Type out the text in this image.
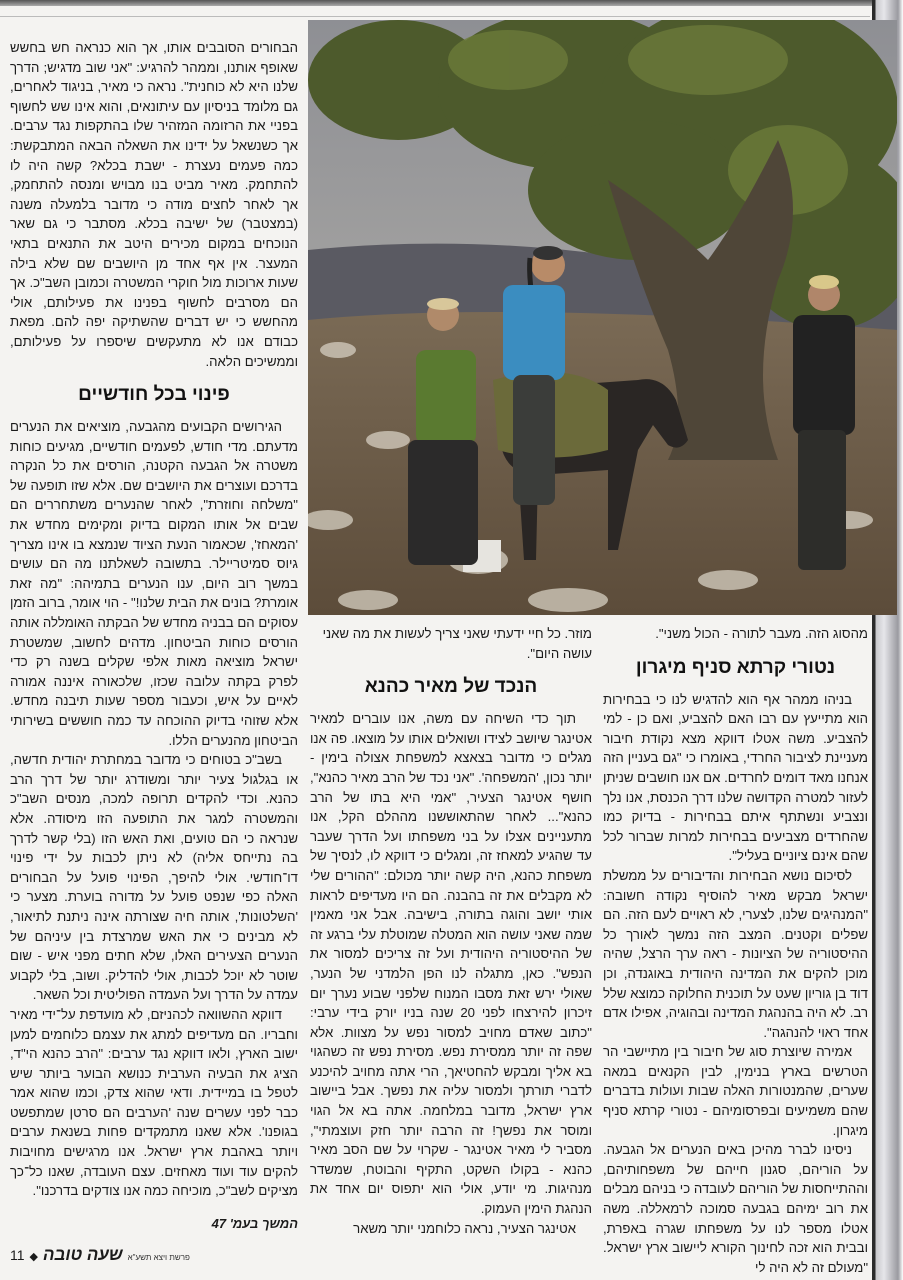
הבחורים הסובבים אותו, אך הוא כנראה חש בחשש שאופף אותנו, וממהר להרגיע: "אני שוב מדגיש; הדרך שלנו היא לא כוחנית". נראה כי מאיר, בניגוד לאחרים, גם מלומד בניסיון עם עיתונאים, והוא אינו שש לחשוף בפניי את הרזומה המזהיר שלו בהתקפות נגד ערבים. אך כשנשאל על ידינו את השאלה הבאה המתבקשת: כמה פעמים נעצרת - ישבת בכלא? קשה היה לו להתחמק. מאיר מביט בנו מבויש ומנסה להתחמק, אך לאחר לחצים מודה כי מדובר בלמעלה משנה (במצטבר) של ישיבה בכלא. מסתבר כי גם שאר הנוכחים במקום מכירים היטב את התנאים בתאי המעצר. אין אף אחד מן היושבים שם שלא בילה שעות ארוכות מול חוקרי המשטרה וכמובן השב"כ. אך הם מסרבים לחשוף בפנינו את פעילותם, אולי מהחשש כי יש דברים שהשתיקה יפה להם. מפאת כבודם אנו לא מתעקשים שיספרו על פעילותם, וממשיכים הלאה.

פינוי בכל חודשיים

הגירושים הקבועים מהגבעה, מוציאים את הנערים מדעתם. מדי חודש, לפעמים חודשיים, מגיעים כוחות משטרה אל הגבעה הקטנה, הורסים את כל הנקרה בדרכם ועוצרים את היושבים שם. אלא שזו תופעה של "משלחה וחוזרת", לאחר שהנערים משתחררים הם שבים אל אותו המקום בדיוק ומקימים מחדש את 'המאחז', שכאמור הנעת הציוד שנמצא בו אינו מצריך גיוס סמיטריילר. בתשובה לשאלתנו מה הם עושים במשך רוב היום, ענו הנערים בתמיהה: "מה זאת אומרת? בונים את הבית שלנו!" - הוי אומר, ברוב הזמן עסוקים הם בבניה מחדש של הבקתה האומללה אותה הורסים כוחות הביטחון. מדהים לחשוב, שמשטרת ישראל מוציאה מאות אלפי שקלים בשנה רק כדי לפרק בקתה עלובה שכזו, שלכאורה איננה אמורה לאיים על איש, וכעבור מספר שעות תיבנה מחדש. אלא שזוהי בדיוק ההוכחה עד כמה חוששים בשירותי הביטחון מהנערים הללו.

בשב"כ בטוחים כי מדובר במחתרת יהודית חדשה, או בגלגול צעיר יותר ומשודרג יותר של דרך הרב כהנא. וכדי להקדים תרופה למכה, מנסים השב"כ והמשטרה למגר את התופעה הזו מיסודה. אלא שנראה כי הם טועים, ואת האש הזו (בלי קשר לדרך בה נתייחס אליה) לא ניתן לכבות על ידי פינוי דו־חודשי. אולי להיפך, הפינוי פועל על הבחורים האלה כפי שנפט פועל על מדורה בוערת. מצער כי 'השלטונות', אותה חיה שצורתה אינה ניתנת לתיאור, לא מבינים כי את האש שמרצדת בין עיניהם של הנערים הצעירים האלו, שלא חתים מפני איש - שום שוטר לא יוכל לכבות, אולי להדליק. ושוב, בלי לקבוע עמדה על הדרך ועל העמדה הפוליטית וכל השאר.

דווקא ההשוואה לכהניזם, לא מועדפת על־ידי מאיר וחבריו. הם מעדיפים למתג את עצמם כלוחמים למען ישוב הארץ, ולאו דווקא נגד ערבים: "הרב כהנא הי"ד, הציג את הבעיה הערבית כנושא הבוער ביותר שיש לטפל בו במיידית. ודאי שהוא צדק, וכמו שהוא אמר כבר לפני עשרים שנה 'הערבים הם סרטן שמתפשט בגופנו'. אלא שאנו מתמקדים פחות בשנאת ערבים ויותר באהבת ארץ ישראל. אנו מרגישים מחויבות להקים עוד ועוד מאחזים. עצם העובדה, שאנו כל־כך מציקים לשב"כ, מוכיחה כמה אנו צודקים בדרכנו".

המשך בעמ' 47
11 ◆ שעה טובה פרשת ויצא תשע"א
מוזר. כל חיי ידעתי שאני צריך לעשות את מה שאני עושה היום".
הנכד של מאיר כהנא

תוך כדי השיחה עם משה, אנו עוברים למאיר אטינגר שיושב לצידו ושואלים אותו על מוצאו. פה אנו מגלים כי מדובר בצאצא למשפחת אצולה בימין - יותר נכון, 'המשפחה'. "אני נכד של הרב מאיר כהנא", חושף אטינגר הצעיר, "אמי היא בתו של הרב כהנא"... לאחר שהתאוששנו מההלם הקל, אנו מתעניינים אצלו על בני משפחתו ועל הדרך שעבר עד שהגיע למאחז זה, ומגלים כי דווקא לו, לנסיך של משפחת כהנא, היה קשה יותר מכולם: "ההורים שלי לא מקבלים את זה בהבנה. הם היו מעדיפים לראות אותי יושב והוגה בתורה, בישיבה. אבל אני מאמין שמה שאני עושה הוא המטלה שמוטלת עלי ברגע זה של ההיסטוריה היהודית ועל זה צריכים למסור את הנפש". כאן, מתגלה לנו הפן הלמדני של הנער, שאולי ירש זאת מסבו המנוח שלפני שבוע נערך יום זיכרון להירצחו לפני 20 שנה בניו יורק בידי ערבי: "כתוב שאדם מחויב למסור נפש על מצוות. אלא שפה זה יותר ממסירת נפש. מסירת נפש זה כשהגוי בא אליך ומבקש להחטיאך, הרי אתה מחויב להיכנע לדברי תורתך ולמסור עליה את נפשך. אבל ביישוב ארץ ישראל, מדובר במלחמה. אתה בא אל הגוי ומוסר את נפשך! זה הרבה יותר חזק ועוצמתי", מסביר לי מאיר אטינגר - שקרוי על שם הסב מאיר כהנא - בקולו השקט, התקיף והבוטח, שמשדר מנהיגות. מי יודע, אולי הוא יתפוס יום אחד את הנהגת הימין העמוק.

אטינגר הצעיר, נראה כלוחמני יותר משאר

מהסוג הזה. מעבר לתורה - הכול משני".
נטורי קרתא סניף מיגרון

בניהו ממהר אף הוא להדגיש לנו כי בבחירות הוא מתייעץ עם רבו האם להצביע, ואם כן - למי להצביע. משה אטלו דווקא מצא נקודת חיבור מעניינת לציבור החרדי, באומרו כי "גם בעניין הזה אנחנו מאד דומים לחרדים. אם אנו חושבים שניתן לעזור למטרה הקדושה שלנו דרך הכנסת, אנו נלך ונצביע ונשתתף איתם בבחירות - בדיוק כמו שהחרדים מצביעים בבחירות למרות שברור לכל שהם אינם ציוניים בעליל".

לסיכום נושא הבחירות והדיבורים על ממשלת ישראל מבקש מאיר להוסיף נקודה חשובה: "המנהיגים שלנו, לצערי, לא ראויים לעם הזה. הם שפלים וקטנים. המצב הזה נמשך לאורך כל ההיסטוריה של הציונות - ראה ערך הרצל, שהיה מוכן להקים את המדינה היהודית באוגנדה, וכן דוד בן גוריון שעט על תוכנית החלוקה כמוצא שלל רב. לא היה בהנהגת המדינה ובהוגיה, אפילו אדם אחד ראוי להנהגה".

אמירה שיוצרת סוג של חיבור בין מתיישבי הר הטרשים בארץ בנימין, לבין הקנאים במאה שערים, שהמנטורות האלה שבות ועולות בדברים שהם משמיעים ובפרסומיהם - נטורי קרתא סניף מיגרון.

ניסינו לברר מהיכן באים הנערים אל הגבעה. על הוריהם, סגנון חייהם של משפחותיהם, וההתייחסות של הוריהם לעובדה כי בניהם מבלים את רוב ימיהם בגבעה סמוכה לרמאללה. משה אטלו מספר לנו על משפחתו שגרה באפרת, ובבית הוא זכה לחינוך הקורא ליישוב ארץ ישראל. "מעולם זה לא היה לי
